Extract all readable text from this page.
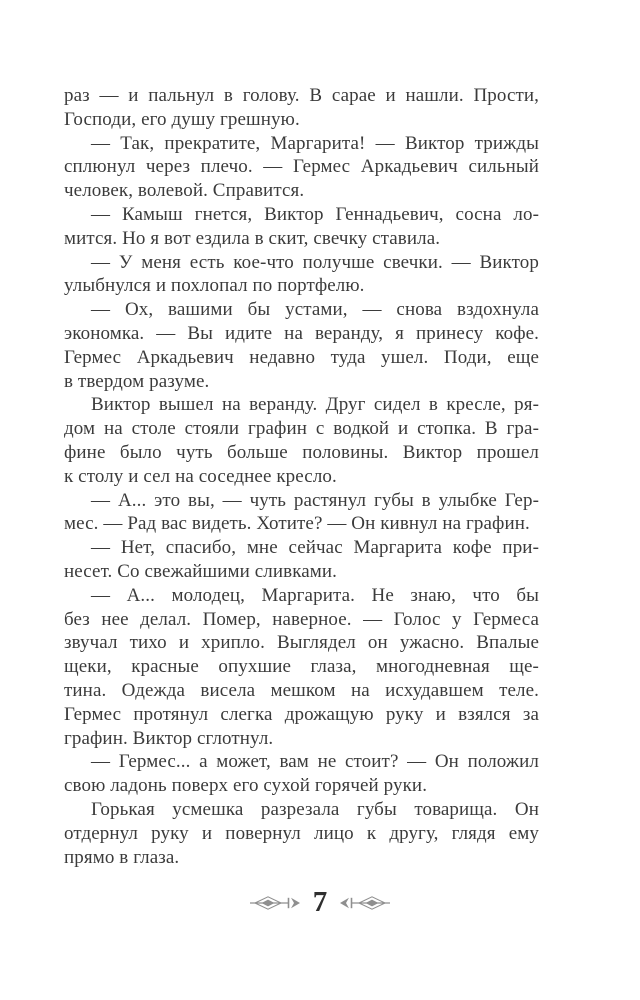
раз — и пальнул в голову. В сарае и нашли. Прости,
Господи, его душу грешную.
— Так, прекратите, Маргарита! — Виктор трижды
сплюнул через плечо. — Гермес Аркадьевич сильный
человек, волевой. Справится.
— Камыш гнется, Виктор Геннадьевич, сосна ло-
мится. Но я вот ездила в скит, свечку ставила.
— У меня есть кое-что получше свечки. — Виктор
улыбнулся и похлопал по портфелю.
— Ох, вашими бы устами, — снова вздохнула
экономка. — Вы идите на веранду, я принесу кофе.
Гермес Аркадьевич недавно туда ушел. Поди, еще
в твердом разуме.
Виктор вышел на веранду. Друг сидел в кресле, ря-
дом на столе стояли графин с водкой и стопка. В гра-
фине было чуть больше половины. Виктор прошел
к столу и сел на соседнее кресло.
— А... это вы, — чуть растянул губы в улыбке Гер-
мес. — Рад вас видеть. Хотите? — Он кивнул на графин.
— Нет, спасибо, мне сейчас Маргарита кофе при-
несет. Со свежайшими сливками.
— А... молодец, Маргарита. Не знаю, что бы
без нее делал. Помер, наверное. — Голос у Гермеса
звучал тихо и хрипло. Выглядел он ужасно. Впалые
щеки, красные опухшие глаза, многодневная ще-
тина. Одежда висела мешком на исхудавшем теле.
Гермес протянул слегка дрожащую руку и взялся за
графин. Виктор сглотнул.
— Гермес... а может, вам не стоит? — Он положил
свою ладонь поверх его сухой горячей руки.
Горькая усмешка разрезала губы товарища. Он
отдернул руку и повернул лицо к другу, глядя ему
прямо в глаза.
7
